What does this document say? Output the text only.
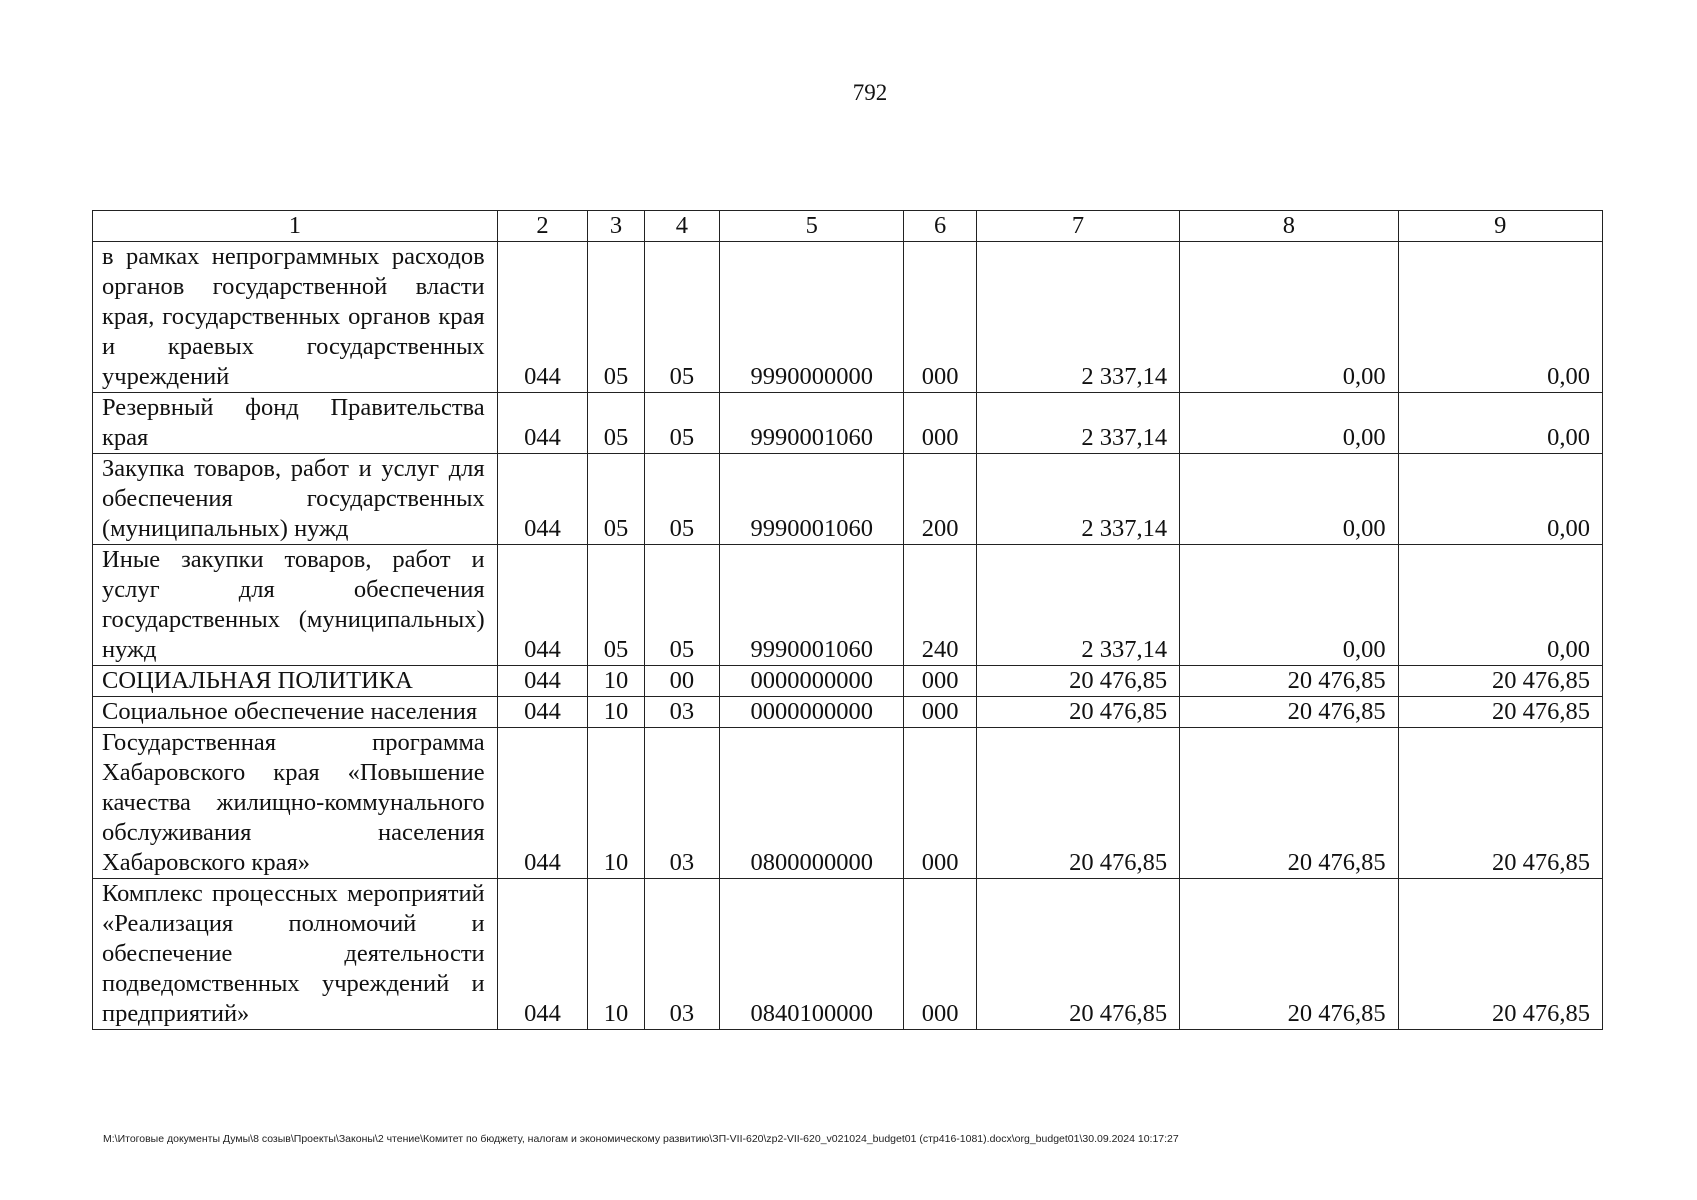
792
1	2	3	4	5	6	7	8	9
в рамках непрограммных расходов органов государственной власти края, государственных органов края и краевых государственных учреждений	044	05	05	9990000000	000	2 337,14	0,00	0,00
Резервный фонд Правительства края	044	05	05	9990001060	000	2 337,14	0,00	0,00
Закупка товаров, работ и услуг для обеспечения государственных (муниципальных) нужд	044	05	05	9990001060	200	2 337,14	0,00	0,00
Иные закупки товаров, работ и услуг для обеспечения государственных (муниципальных) нужд	044	05	05	9990001060	240	2 337,14	0,00	0,00
СОЦИАЛЬНАЯ ПОЛИТИКА	044	10	00	0000000000	000	20 476,85	20 476,85	20 476,85
Социальное обеспечение населения	044	10	03	0000000000	000	20 476,85	20 476,85	20 476,85
Государственная программа Хабаровского края «Повышение качества жилищно-коммунального обслуживания населения Хабаровского края»	044	10	03	0800000000	000	20 476,85	20 476,85	20 476,85
Комплекс процессных мероприятий «Реализация полномочий и обеспечение деятельности подведомственных учреждений и предприятий»	044	10	03	0840100000	000	20 476,85	20 476,85	20 476,85
M:\Итоговые документы Думы\8 созыв\Проекты\Законы\2 чтение\Комитет по бюджету, налогам и экономическому развитию\ЗП-VII-620\zp2-VII-620_v021024_budget01 (стр416-1081).docx\org_budget01\30.09.2024 10:17:27
